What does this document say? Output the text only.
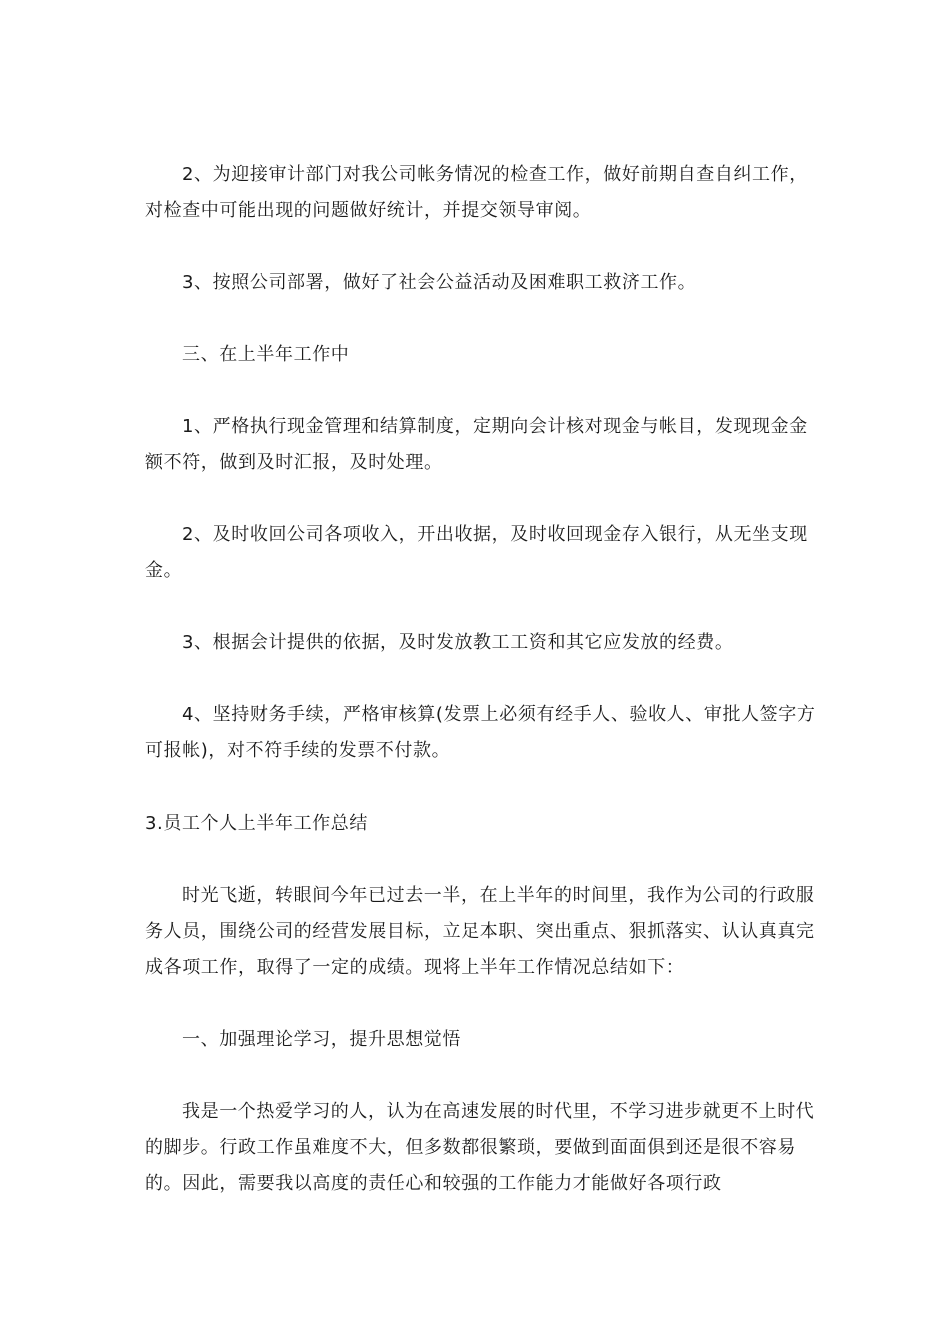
2、为迎接审计部门对我公司帐务情况的检查工作，做好前期自查自纠工作，对检查中可能出现的问题做好统计，并提交领导审阅。

3、按照公司部署，做好了社会公益活动及困难职工救济工作。

三、在上半年工作中

1、严格执行现金管理和结算制度，定期向会计核对现金与帐目，发现现金金额不符，做到及时汇报，及时处理。

2、及时收回公司各项收入，开出收据，及时收回现金存入银行，从无坐支现金。

3、根据会计提供的依据，及时发放教工工资和其它应发放的经费。

4、坚持财务手续，严格审核算(发票上必须有经手人、验收人、审批人签字方可报帐)，对不符手续的发票不付款。

3.员工个人上半年工作总结

时光飞逝，转眼间今年已过去一半，在上半年的时间里，我作为公司的行政服务人员，围绕公司的经营发展目标，立足本职、突出重点、狠抓落实、认认真真完成各项工作，取得了一定的成绩。现将上半年工作情况总结如下：

一、加强理论学习，提升思想觉悟

我是一个热爱学习的人，认为在高速发展的时代里，不学习进步就更不上时代的脚步。行政工作虽难度不大，但多数都很繁琐，要做到面面俱到还是很不容易的。因此，需要我以高度的责任心和较强的工作能力才能做好各项行政
